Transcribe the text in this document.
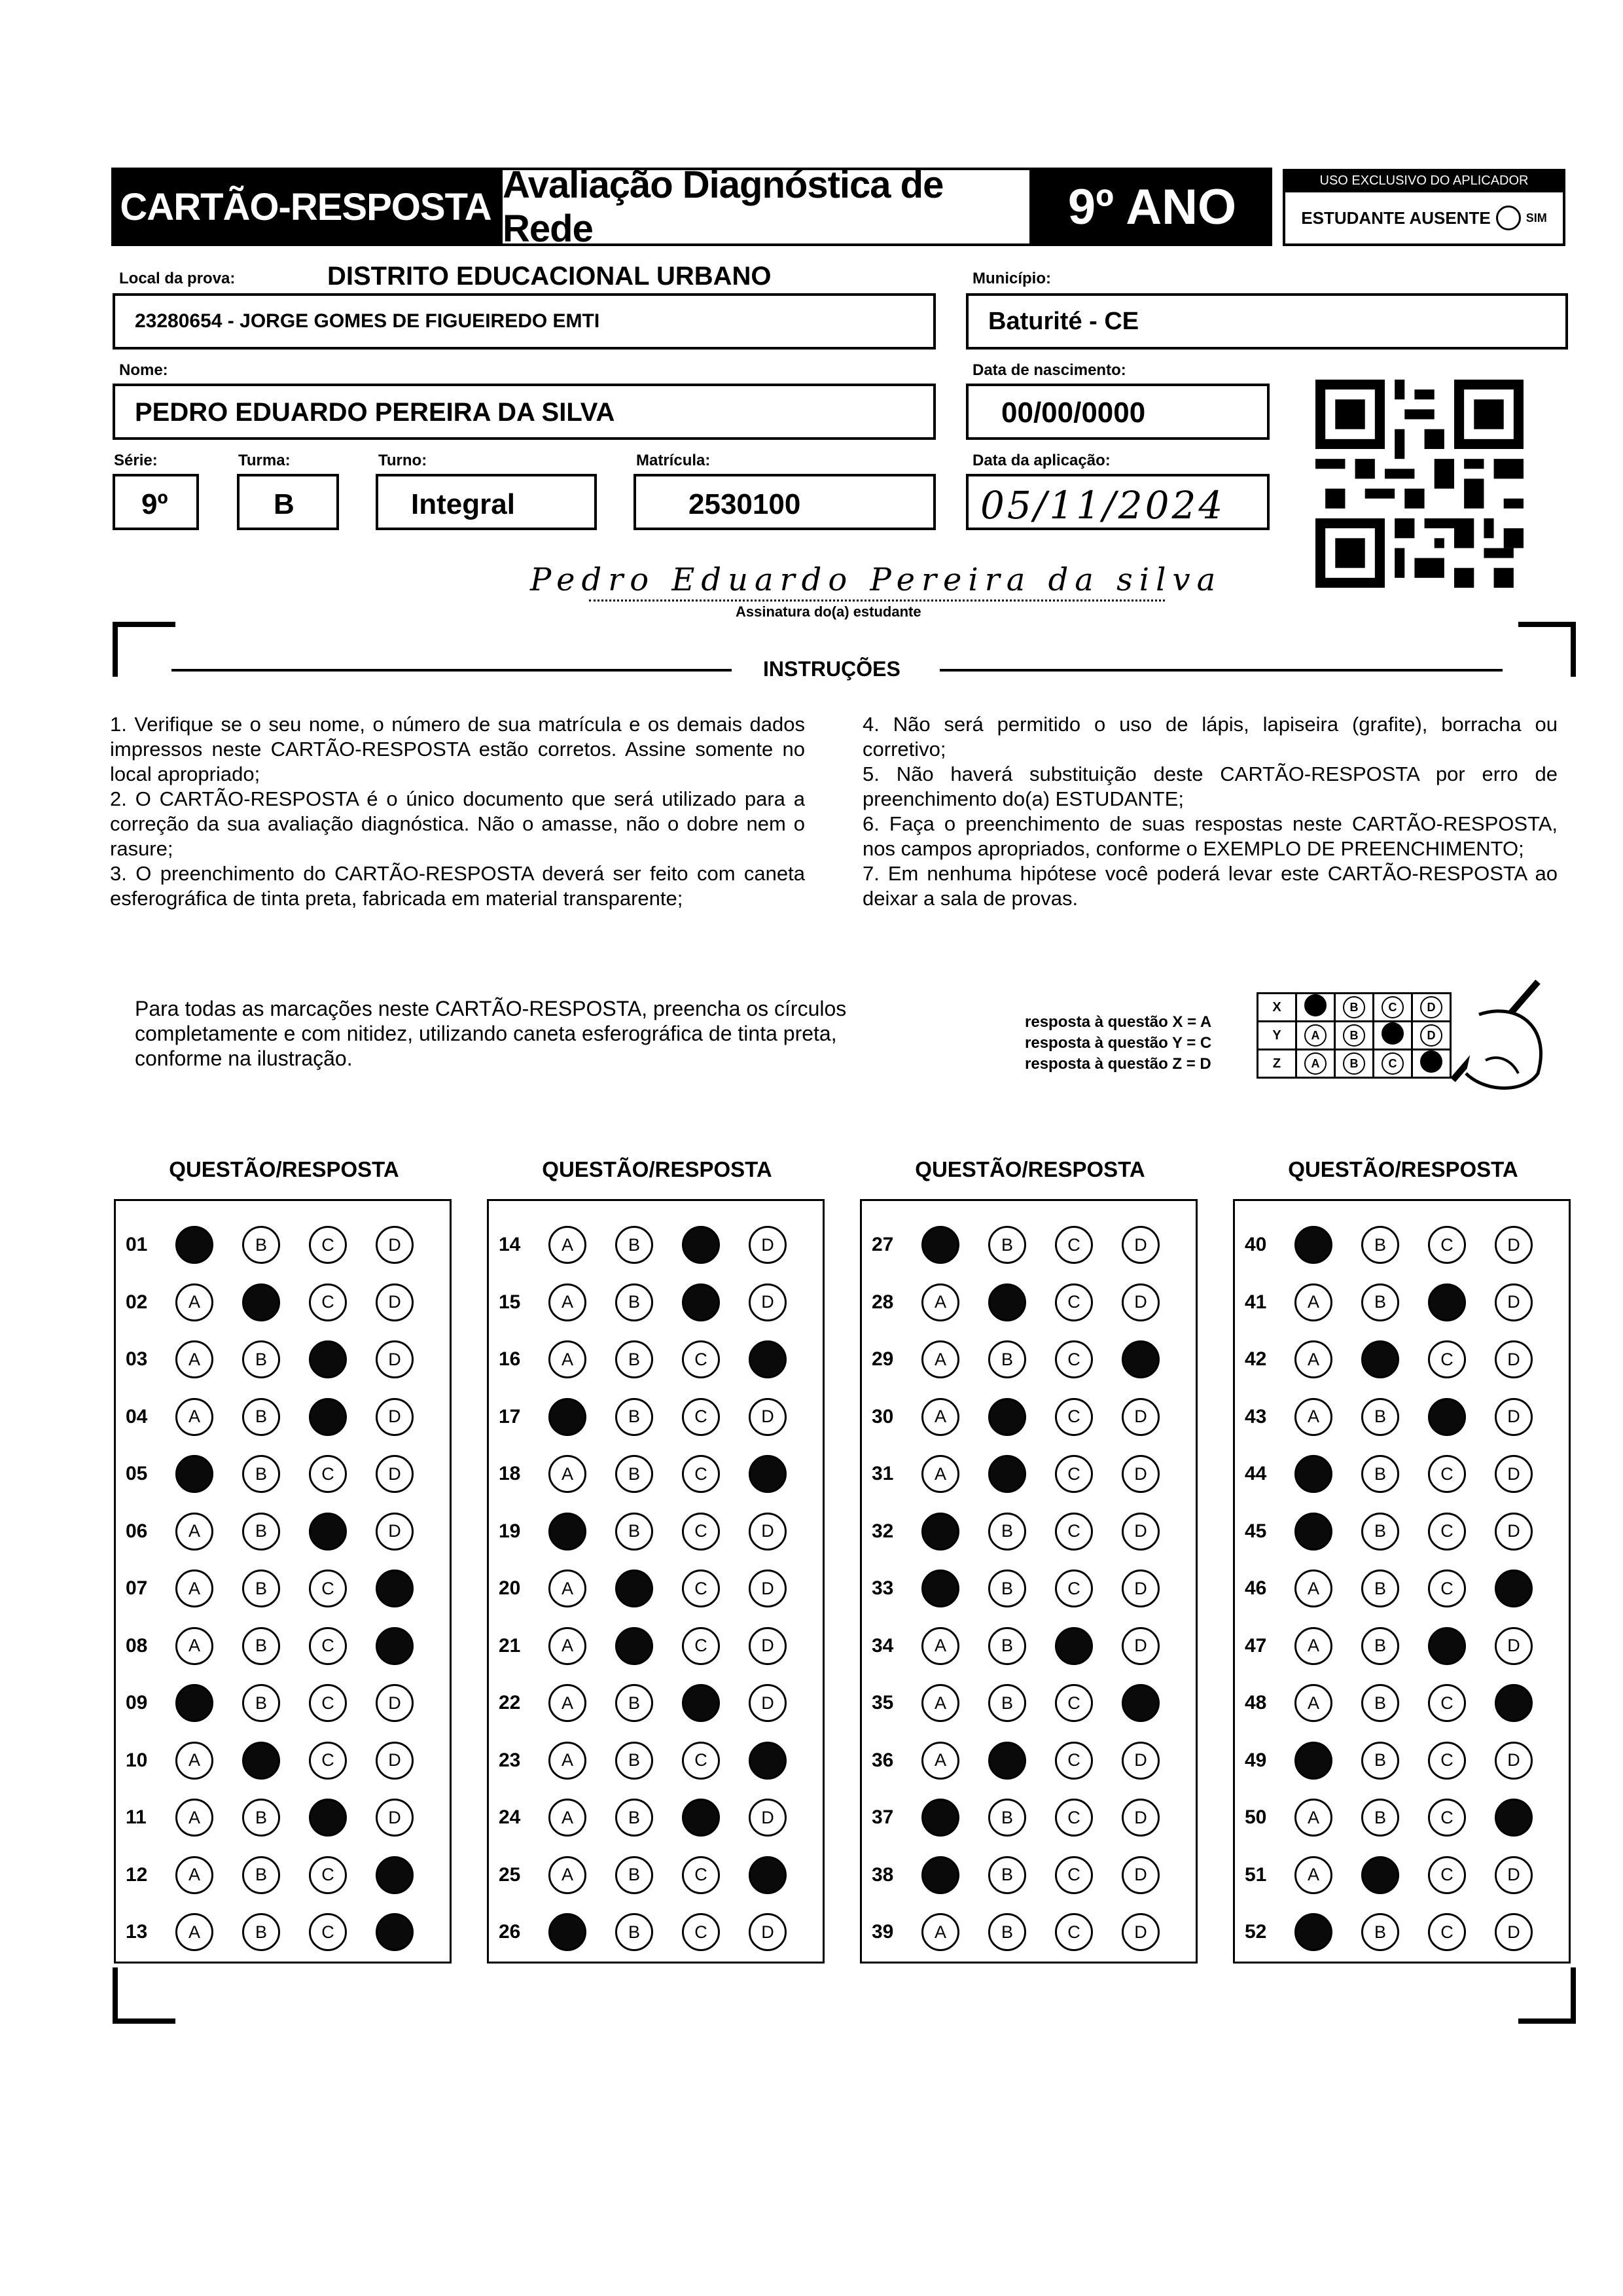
CARTÃO-RESPOSTA
Avaliação Diagnóstica de Rede	9º ANO	USO EXCLUSIVO DO APLICADOR
ESTUDANTE AUSENTE	SIM
Local da prova:	DISTRITO EDUCACIONAL URBANO
23280654 - JORGE GOMES DE FIGUEIREDO EMTI
Município:
Baturité - CE
Nome:
PEDRO EDUARDO PEREIRA DA SILVA
Data de nascimento:
00/00/0000
Série:
9º
Turma:
B
Turno:
Integral
Matrícula:
2530100
Data da aplicação:
05/11/2024
Pedro Eduardo Pereira da silva
Assinatura do(a) estudante
INSTRUÇÕES

1. Verifique se o seu nome, o número de sua matrícula e os demais dados impressos neste CARTÃO-RESPOSTA estão corretos. Assine somente no local apropriado;

2. O CARTÃO-RESPOSTA é o único documento que será utilizado para a correção da sua avaliação diagnóstica. Não o amasse, não o dobre nem o rasure;

3. O preenchimento do CARTÃO-RESPOSTA deverá ser feito com caneta esferográfica de tinta preta, fabricada em material transparente;

4. Não será permitido o uso de lápis, lapiseira (grafite), borracha ou corretivo;

5. Não haverá substituição deste CARTÃO-RESPOSTA por erro de preenchimento do(a) ESTUDANTE;

6. Faça o preenchimento de suas respostas neste CARTÃO-RESPOSTA, nos campos apropriados, conforme o EXEMPLO DE PREENCHIMENTO;

7. Em nenhuma hipótese você poderá levar este CARTÃO-RESPOSTA ao deixar a sala de provas.

Para todas as marcações neste CARTÃO-RESPOSTA, preencha os círculos completamente e com nitidez, utilizando caneta esferográfica de tinta preta, conforme na ilustração.
resposta à questão X = A
resposta à questão Y = C
resposta à questão Z = D
X		B	C	D
Y	A	B		D
Z	A	B	C	
QUESTÃO/RESPOSTA
01	B	C	D
02	A	C	D
03	A	B	D
04	A	B	D
05	B	C	D
06	A	B	D
07	A	B	C
08	A	B	C
09	B	C	D
10	A	C	D
11	A	B	D
12	A	B	C
13	A	B	C
QUESTÃO/RESPOSTA
14	A	B	D
15	A	B	D
16	A	B	C
17	B	C	D
18	A	B	C
19	B	C	D
20	A	C	D
21	A	C	D
22	A	B	D
23	A	B	C
24	A	B	D
25	A	B	C
26	B	C	D
QUESTÃO/RESPOSTA
27	B	C	D
28	A	C	D
29	A	B	C
30	A	C	D
31	A	C	D
32	B	C	D
33	B	C	D
34	A	B	D
35	A	B	C
36	A	C	D
37	B	C	D
38	B	C	D
39	A	B	C	D
QUESTÃO/RESPOSTA
40	B	C	D
41	A	B	D
42	A	C	D
43	A	B	D
44	B	C	D
45	B	C	D
46	A	B	C
47	A	B	D
48	A	B	C
49	B	C	D
50	A	B	C
51	A	C	D
52	B	C	D
